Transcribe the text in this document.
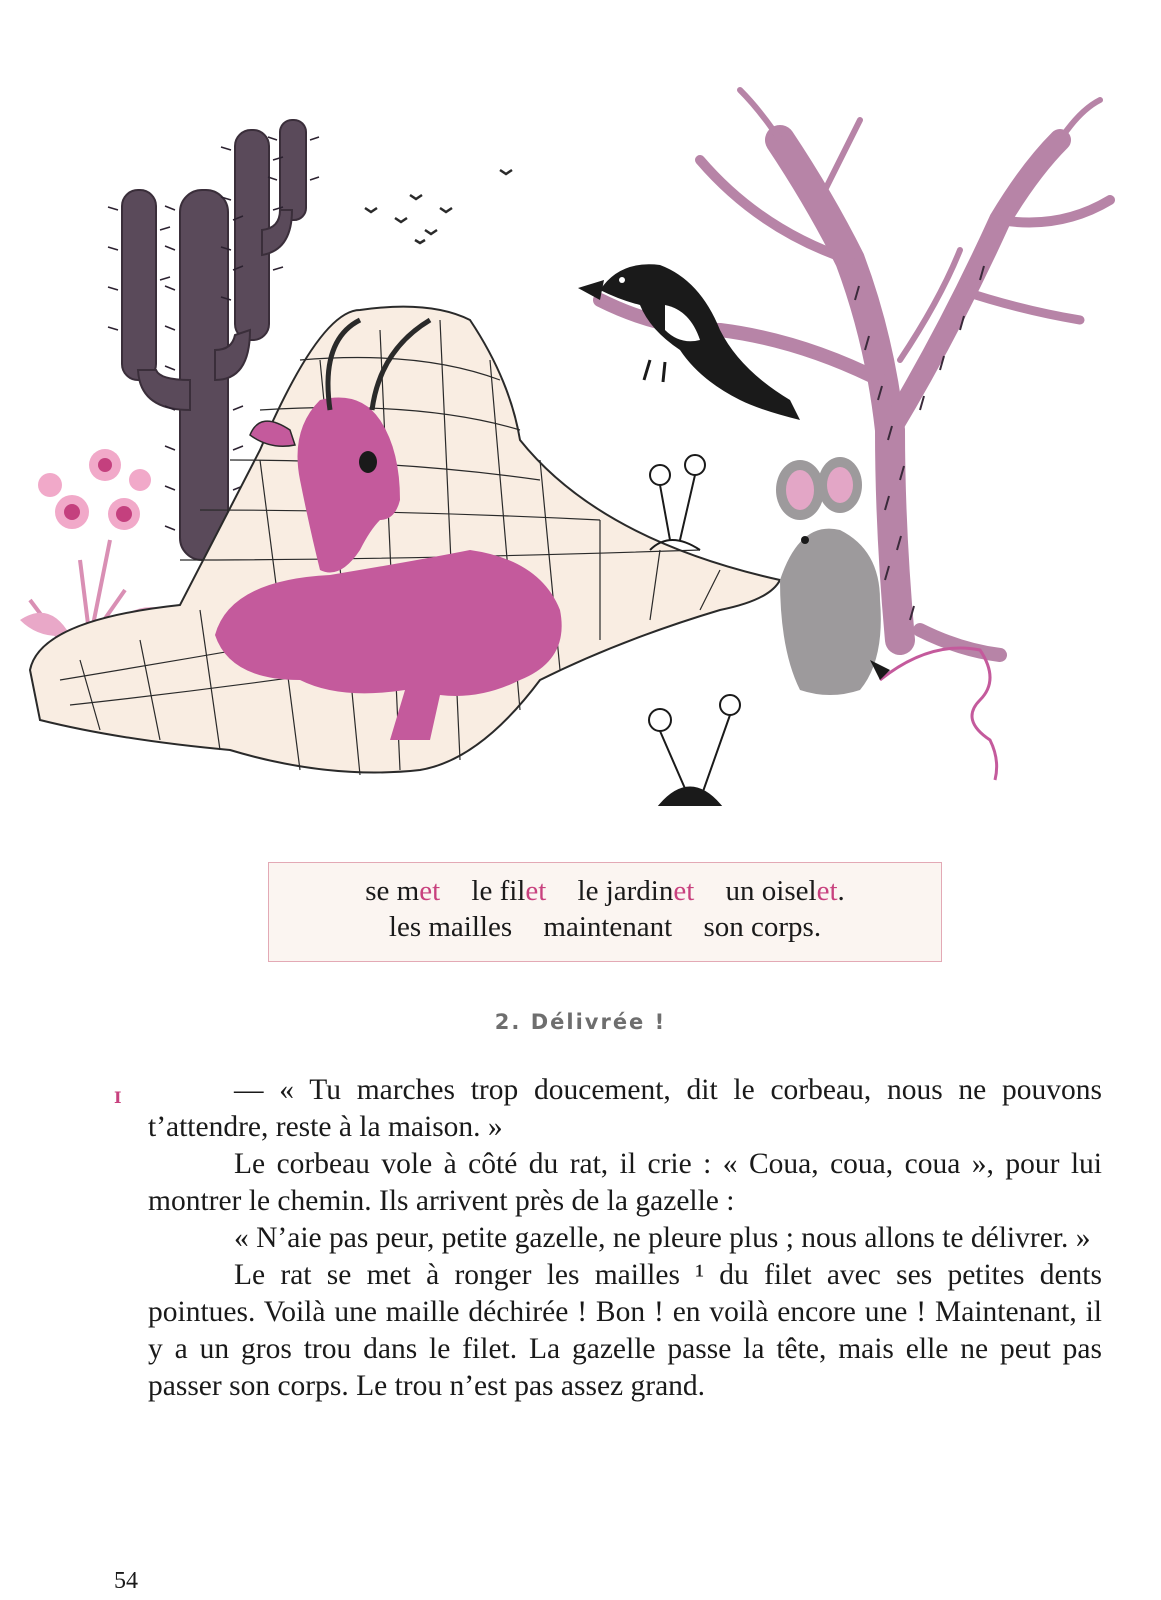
se met le filet le jardinet un oiselet.
les mailles maintenant son corps.
2. Délivrée !
I	— « Tu marches trop doucement, dit le corbeau, nous ne pouvons t’attendre, reste à la maison. »

Le corbeau vole à côté du rat, il crie : « Coua, coua, coua », pour lui montrer le chemin. Ils arrivent près de la gazelle :

« N’aie pas peur, petite gazelle, ne pleure plus ; nous allons te délivrer. »

Le rat se met à ronger les mailles ¹ du filet avec ses petites dents pointues. Voilà une maille déchirée ! Bon ! en voilà encore une ! Maintenant, il y a un gros trou dans le filet. La gazelle passe la tête, mais elle ne peut pas passer son corps. Le trou n’est pas assez grand.

54
